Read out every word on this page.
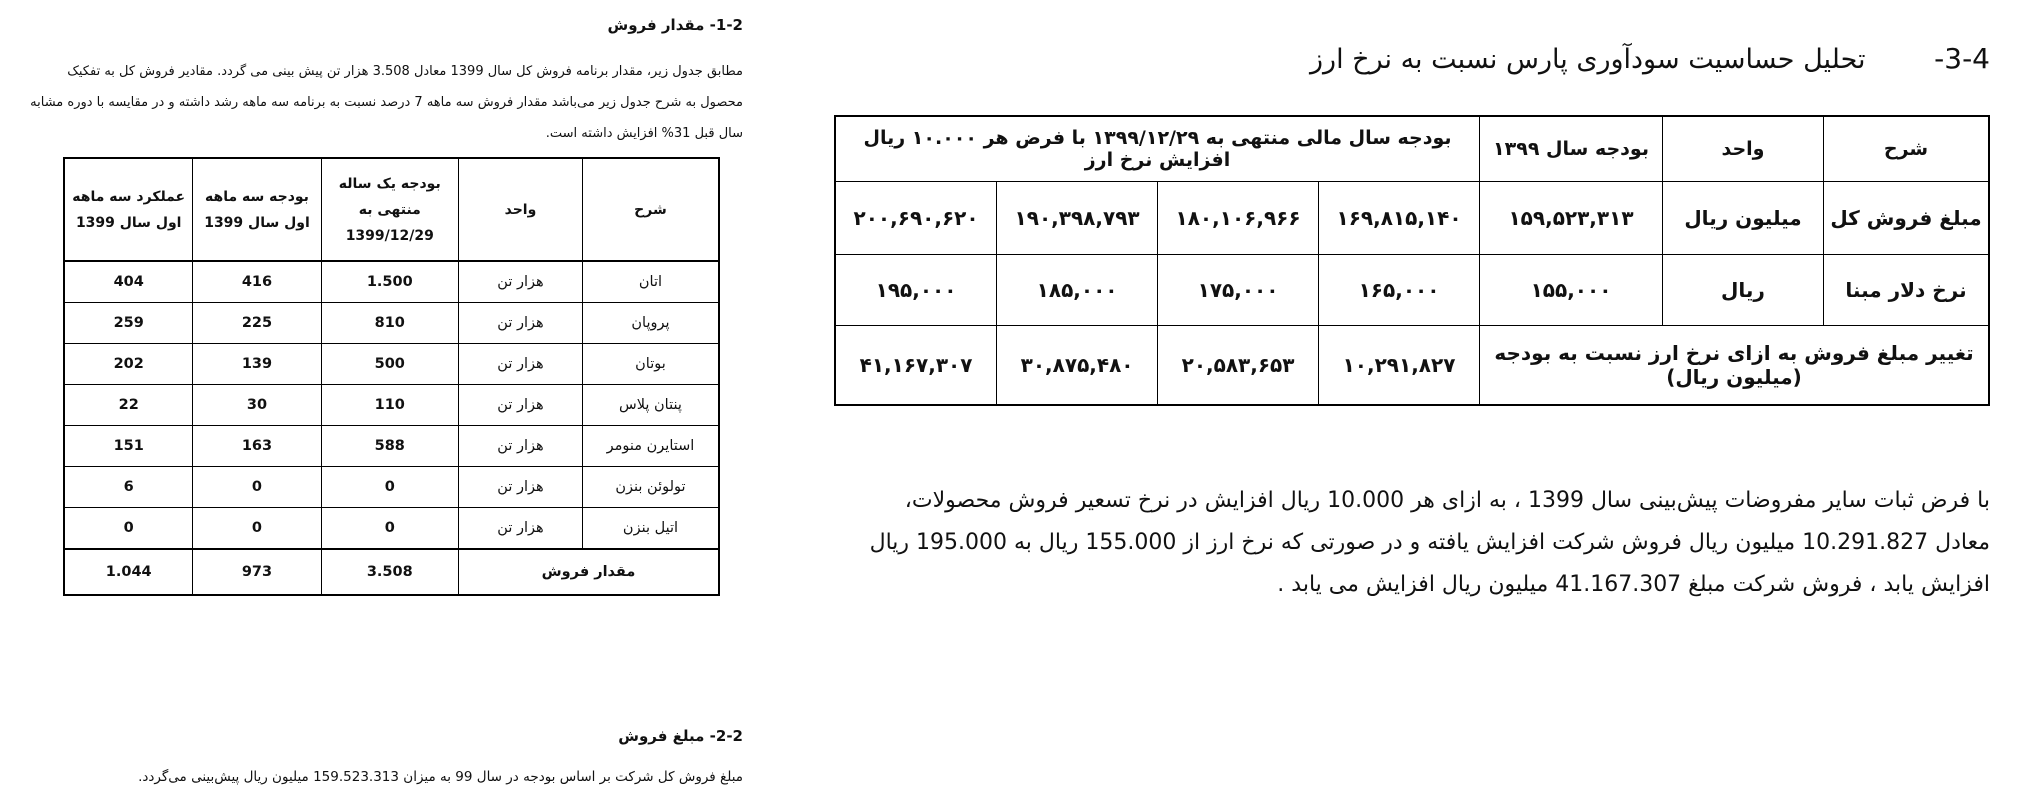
1-2- مقدار فروش
مطابق جدول زیر، مقدار برنامه فروش کل سال 1399 معادل 3.508 هزار تن پیش بینی می گردد. مقادیر فروش کل به تفکیک محصول به شرح جدول زیر می‌باشد مقدار فروش سه ماهه 7 درصد نسبت به برنامه سه ماهه رشد داشته و در مقایسه با دوره مشابه سال قبل 31% افزایش داشته است.
شرح	واحد	بودجه یک ساله منتهی به 1399/12/29	بودجه سه ماهه اول سال 1399	عملکرد سه ماهه اول سال 1399
اتان	هزار تن	1.500	416	404
پروپان	هزار تن	810	225	259
بوتان	هزار تن	500	139	202
پنتان پلاس	هزار تن	110	30	22
استایرن منومر	هزار تن	588	163	151
تولوئن بنزن	هزار تن	0	0	6
اتیل بنزن	هزار تن	0	0	0
مقدار فروش		3.508	973	1.044
2-2- مبلغ فروش
مبلغ فروش کل شرکت بر اساس بودجه در سال 99 به میزان 159.523.313 میلیون ریال پیش‌بینی می‌گردد.
3-4- تحلیل حساسیت سودآوری پارس نسبت به نرخ ارز
شرح	واحد	بودجه سال ۱۳۹۹	بودجه سال مالی منتهی به ۱۳۹۹/۱۲/۲۹ با فرض هر ۱۰.۰۰۰ ریال افزایش نرخ ارز			
مبلغ فروش کل	میلیون ریال	۱۵۹,۵۲۳,۳۱۳	۱۶۹,۸۱۵,۱۴۰	۱۸۰,۱۰۶,۹۶۶	۱۹۰,۳۹۸,۷۹۳	۲۰۰,۶۹۰,۶۲۰
نرخ دلار مبنا	ریال	۱۵۵,۰۰۰	۱۶۵,۰۰۰	۱۷۵,۰۰۰	۱۸۵,۰۰۰	۱۹۵,۰۰۰
تغییر مبلغ فروش به ازای نرخ ارز نسبت به بودجه (میلیون ریال)			۱۰,۲۹۱,۸۲۷	۲۰,۵۸۳,۶۵۳	۳۰,۸۷۵,۴۸۰	۴۱,۱۶۷,۳۰۷
با فرض ثبات سایر مفروضات پیش‌بینی سال 1399 ، به ازای هر 10.000 ریال افزایش در نرخ تسعیر فروش محصولات، معادل 10.291.827 میلیون ریال فروش شرکت افزایش یافته و در صورتی که نرخ ارز از 155.000 ریال به 195.000 ریال افزایش یابد ، فروش شرکت مبلغ 41.167.307 میلیون ریال افزایش می یابد .
